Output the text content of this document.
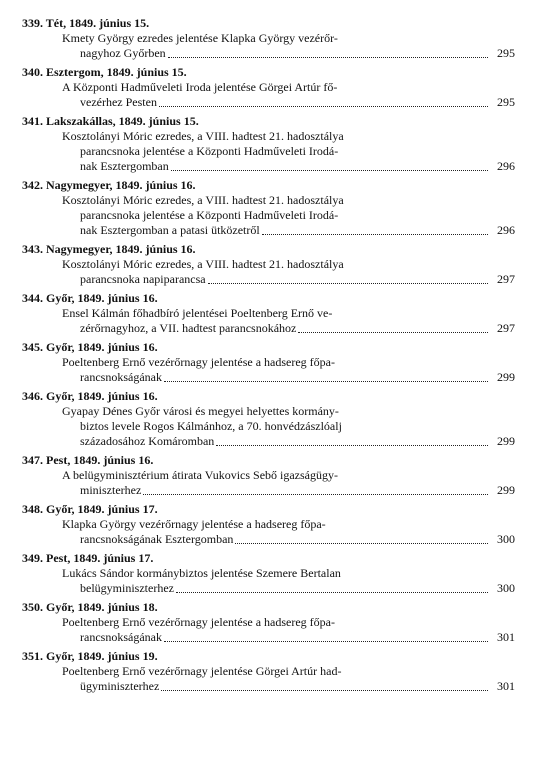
339. Tét, 1849. június 15.
Kmety György ezredes jelentése Klapka György vezérőr-
nagyhoz Győrben	295
340. Esztergom, 1849. június 15.
A Központi Hadműveleti Iroda jelentése Görgei Artúr fő-
vezérhez Pesten	295
341. Lakszakállas, 1849. június 15.
Kosztolányi Móric ezredes, a VIII. hadtest 21. hadosztálya
parancsnoka jelentése a Központi Hadműveleti Irodá-
nak Esztergomban	296
342. Nagymegyer, 1849. június 16.
Kosztolányi Móric ezredes, a VIII. hadtest 21. hadosztálya
parancsnoka jelentése a Központi Hadműveleti Irodá-
nak Esztergomban a patasi ütközetről	296
343. Nagymegyer, 1849. június 16.
Kosztolányi Móric ezredes, a VIII. hadtest 21. hadosztálya
parancsnoka napiparancsa	297
344. Győr, 1849. június 16.
Ensel Kálmán főhadbíró jelentései Poeltenberg Ernő ve-
zérőrnagyhoz, a VII. hadtest parancsnokához	297
345. Győr, 1849. június 16.
Poeltenberg Ernő vezérőrnagy jelentése a hadsereg főpa-
rancsnokságának	299
346. Győr, 1849. június 16.
Gyapay Dénes Győr városi és megyei helyettes kormány-
biztos levele Rogos Kálmánhoz, a 70. honvédzászlóalj
századosához Komáromban	299
347. Pest, 1849. június 16.
A belügyminisztérium átirata Vukovics Sebő igazságügy-
miniszterhez	299
348. Győr, 1849. június 17.
Klapka György vezérőrnagy jelentése a hadsereg főpa-
rancsnokságának Esztergomban	300
349. Pest, 1849. június 17.
Lukács Sándor kormánybiztos jelentése Szemere Bertalan
belügyminiszterhez	300
350. Győr, 1849. június 18.
Poeltenberg Ernő vezérőrnagy jelentése a hadsereg főpa-
rancsnokságának	301
351. Győr, 1849. június 19.
Poeltenberg Ernő vezérőrnagy jelentése Görgei Artúr had-
ügyminiszterhez	301
